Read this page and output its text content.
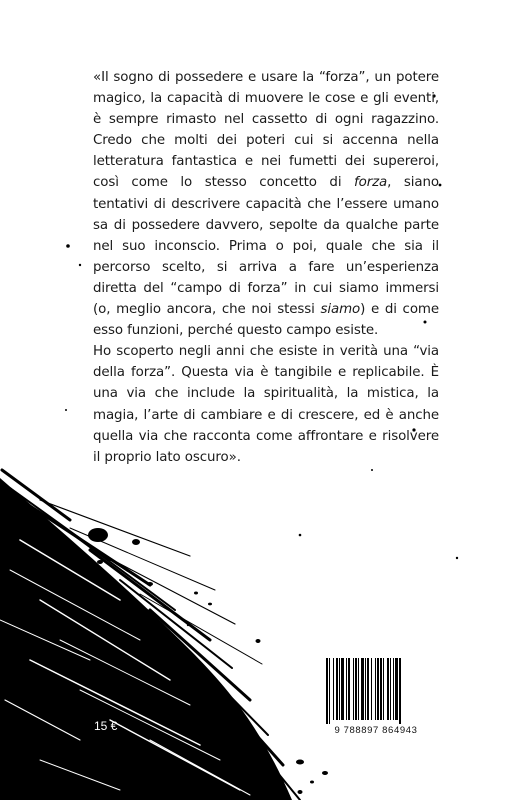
«Il sogno di possedere e usare la “forza”, un potere magico, la capacità di muovere le cose e gli eventi, è sempre rimasto nel cassetto di ogni ragazzino. Credo che molti dei poteri cui si accenna nella letteratura fantastica e nei fumetti dei supereroi, così come lo stesso concetto di forza, siano tentativi di descrivere capacità che l’essere umano sa di possedere davvero, sepolte da qualche parte nel suo inconscio. Prima o poi, quale che sia il percorso scelto, si arriva a fare un’esperienza diretta del “campo di forza” in cui siamo immersi (o, meglio ancora, che noi stessi siamo) e di come esso funzioni, perché questo campo esiste.

Ho scoperto negli anni che esiste in verità una “via della forza”. Questa via è tangibile e replicabile. È una via che include la spiritualità, la mistica, la magia, l’arte di cambiare e di crescere, ed è anche quella via che racconta come affrontare e risolvere il proprio lato oscuro».

15 €	9 788897 864943
